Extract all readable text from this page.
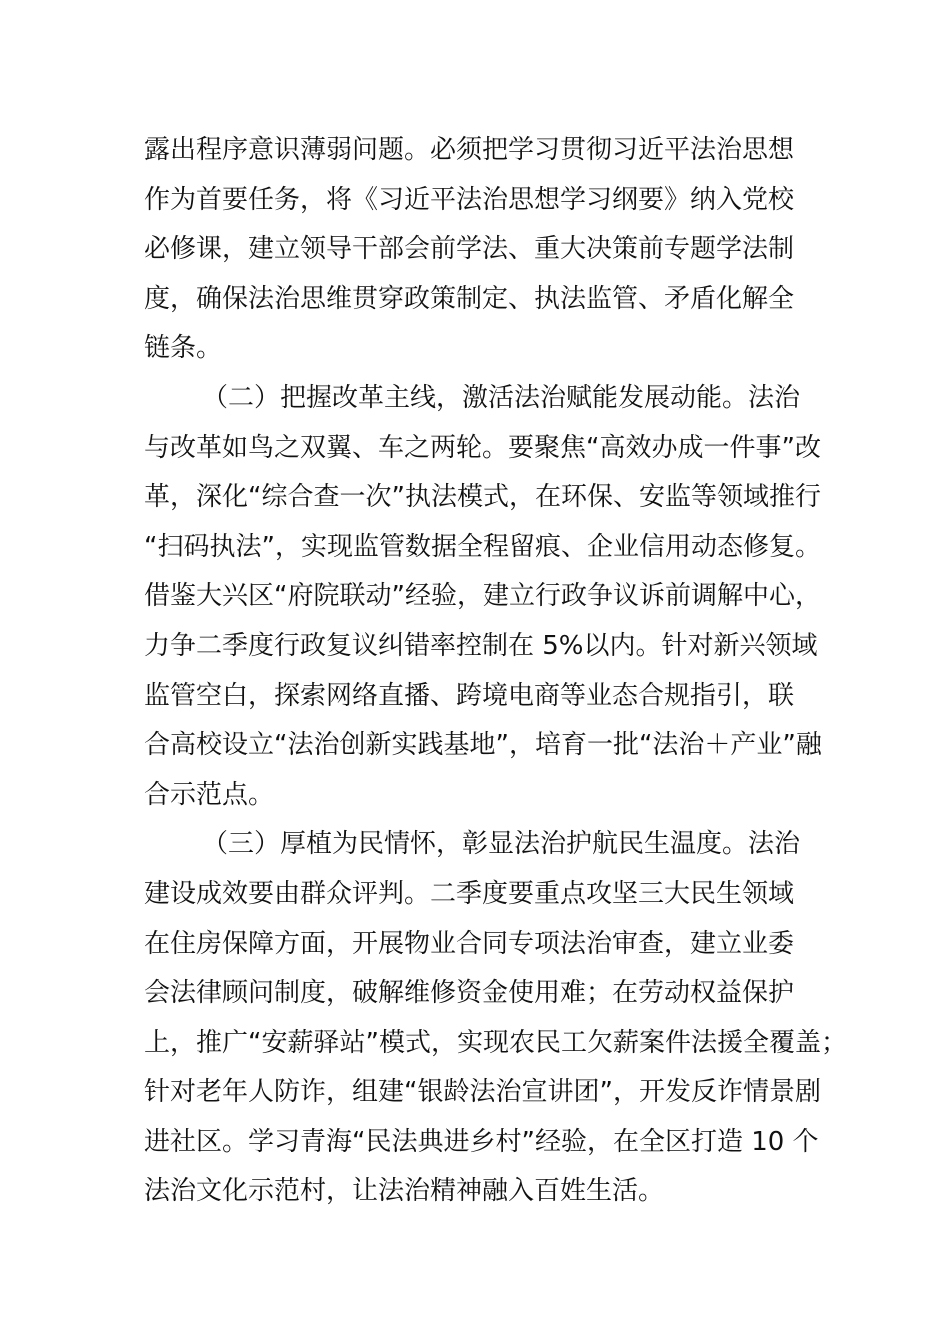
露出程序意识薄弱问题。必须把学习贯彻习近平法治思想
作为首要任务，将《习近平法治思想学习纲要》纳入党校
必修课，建立领导干部会前学法、重大决策前专题学法制
度，确保法治思维贯穿政策制定、执法监管、矛盾化解全
链条。
（二）把握改革主线，激活法治赋能发展动能。法治
与改革如鸟之双翼、车之两轮。要聚焦“高效办成一件事”改
革，深化“综合查一次”执法模式，在环保、安监等领域推行
“扫码执法”，实现监管数据全程留痕、企业信用动态修复。
借鉴大兴区“府院联动”经验，建立行政争议诉前调解中心，
力争二季度行政复议纠错率控制在 5%以内。针对新兴领域
监管空白，探索网络直播、跨境电商等业态合规指引，联
合高校设立“法治创新实践基地”，培育一批“法治＋产业”融
合示范点。
（三）厚植为民情怀，彰显法治护航民生温度。法治
建设成效要由群众评判。二季度要重点攻坚三大民生领域
在住房保障方面，开展物业合同专项法治审查，建立业委
会法律顾问制度，破解维修资金使用难；在劳动权益保护
上，推广“安薪驿站”模式，实现农民工欠薪案件法援全覆盖；
针对老年人防诈，组建“银龄法治宣讲团”，开发反诈情景剧
进社区。学习青海“民法典进乡村”经验，在全区打造 10 个
法治文化示范村，让法治精神融入百姓生活。
